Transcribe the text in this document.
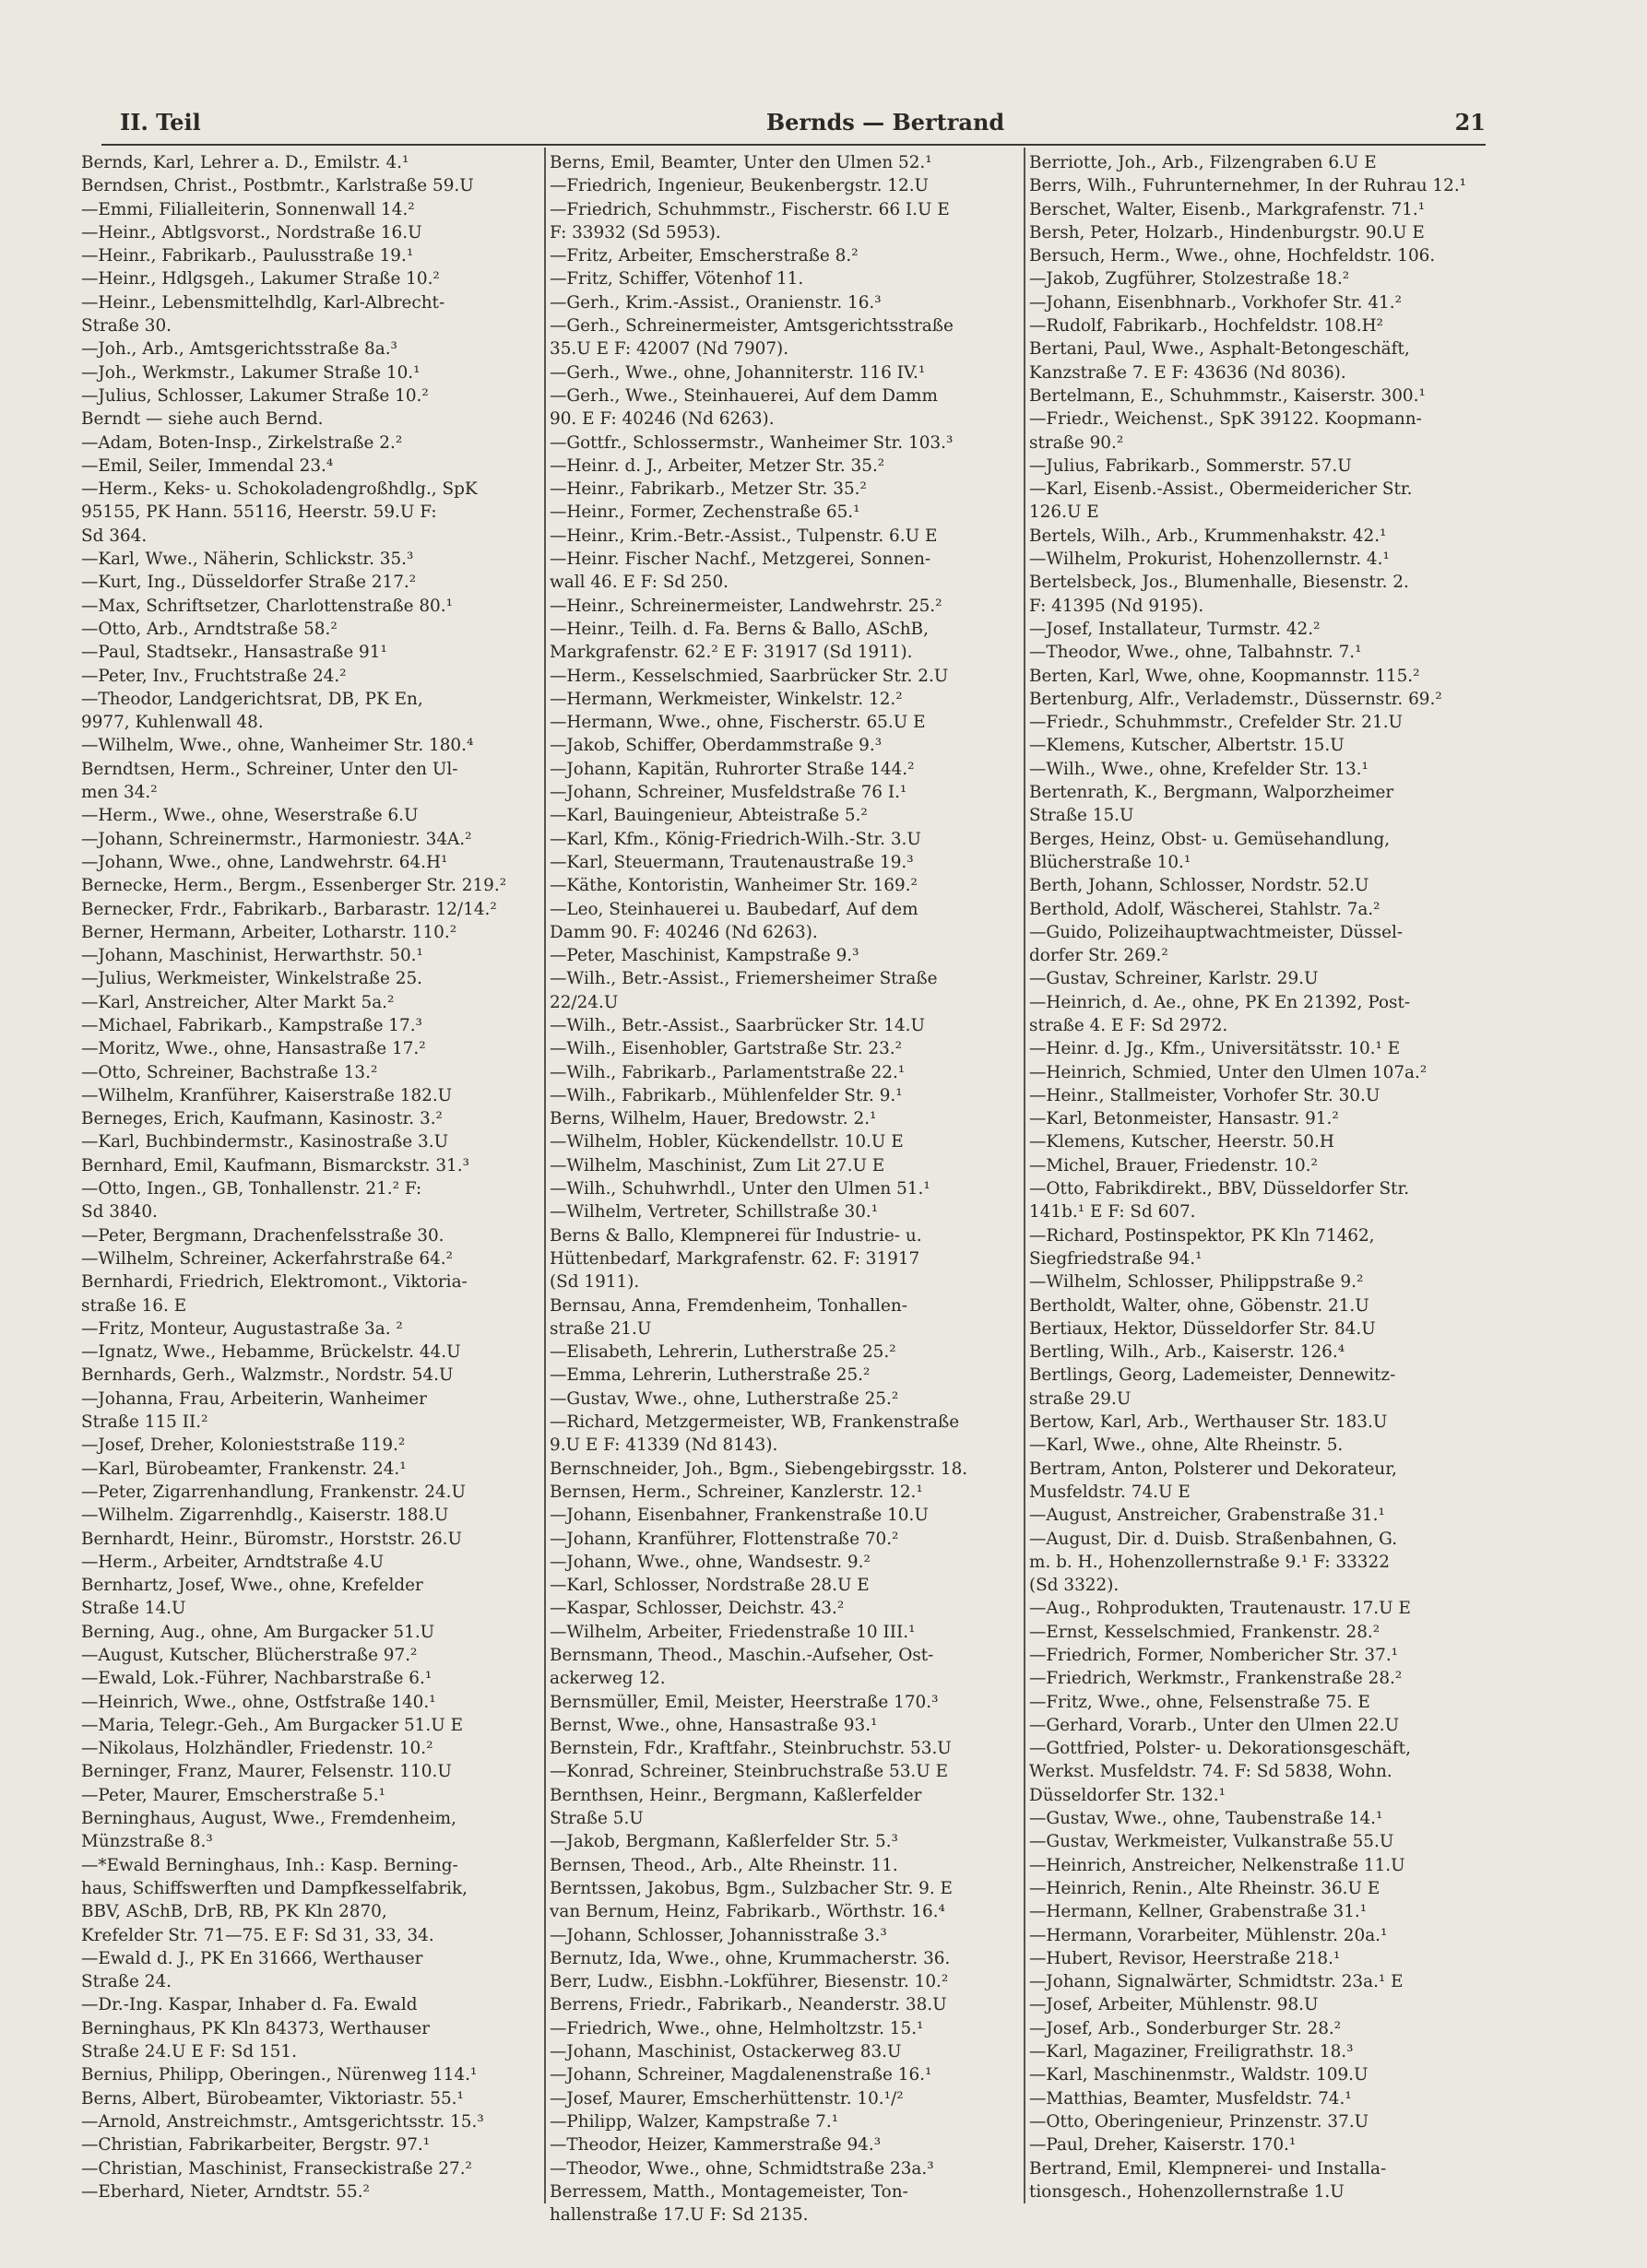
II. Teil	Bernds — Bertrand	21
Bernds, Karl, Lehrer a. D., Emilstr. 4.¹
Berndsen, Christ., Postbmtr., Karlstraße 59.U
—Emmi, Filialleiterin, Sonnenwall 14.²
—Heinr., Abtlgsvorst., Nordstraße 16.U
—Heinr., Fabrikarb., Paulusstraße 19.¹
—Heinr., Hdlgsgeh., Lakumer Straße 10.²
—Heinr., Lebensmittelhdlg, Karl-Albrecht-
Straße 30.
—Joh., Arb., Amtsgerichtsstraße 8a.³
—Joh., Werkmstr., Lakumer Straße 10.¹
—Julius, Schlosser, Lakumer Straße 10.²
Berndt — siehe auch Bernd.
—Adam, Boten-Insp., Zirkelstraße 2.²
—Emil, Seiler, Immendal 23.⁴
—Herm., Keks- u. Schokoladengroßhdlg., SpK
95155, PK Hann. 55116, Heerstr. 59.U F:
Sd 364.
—Karl, Wwe., Näherin, Schlickstr. 35.³
—Kurt, Ing., Düsseldorfer Straße 217.²
—Max, Schriftsetzer, Charlottenstraße 80.¹
—Otto, Arb., Arndtstraße 58.²
—Paul, Stadtsekr., Hansastraße 91¹
—Peter, Inv., Fruchtstraße 24.²
—Theodor, Landgerichtsrat, DB, PK En,
9977, Kuhlenwall 48.
—Wilhelm, Wwe., ohne, Wanheimer Str. 180.⁴
Berndtsen, Herm., Schreiner, Unter den Ul-
men 34.²
—Herm., Wwe., ohne, Weserstraße 6.U
—Johann, Schreinermstr., Harmoniestr. 34A.²
—Johann, Wwe., ohne, Landwehrstr. 64.H¹
Bernecke, Herm., Bergm., Essenberger Str. 219.²
Bernecker, Frdr., Fabrikarb., Barbarastr. 12/14.²
Berner, Hermann, Arbeiter, Lotharstr. 110.²
—Johann, Maschinist, Herwarthstr. 50.¹
—Julius, Werkmeister, Winkelstraße 25.
—Karl, Anstreicher, Alter Markt 5a.²
—Michael, Fabrikarb., Kampstraße 17.³
—Moritz, Wwe., ohne, Hansastraße 17.²
—Otto, Schreiner, Bachstraße 13.²
—Wilhelm, Kranführer, Kaiserstraße 182.U
Berneges, Erich, Kaufmann, Kasinostr. 3.²
—Karl, Buchbindermstr., Kasinostraße 3.U
Bernhard, Emil, Kaufmann, Bismarckstr. 31.³
—Otto, Ingen., GB, Tonhallenstr. 21.² F:
Sd 3840.
—Peter, Bergmann, Drachenfelsstraße 30.
—Wilhelm, Schreiner, Ackerfahrstraße 64.²
Bernhardi, Friedrich, Elektromont., Viktoria-
straße 16. E
—Fritz, Monteur, Augustastraße 3a. ²
—Ignatz, Wwe., Hebamme, Brückelstr. 44.U
Bernhards, Gerh., Walzmstr., Nordstr. 54.U
—Johanna, Frau, Arbeiterin, Wanheimer
Straße 115 II.²
—Josef, Dreher, Kolonieststraße 119.²
—Karl, Bürobeamter, Frankenstr. 24.¹
—Peter, Zigarrenhandlung, Frankenstr. 24.U
—Wilhelm. Zigarrenhdlg., Kaiserstr. 188.U
Bernhardt, Heinr., Büromstr., Horststr. 26.U
—Herm., Arbeiter, Arndtstraße 4.U
Bernhartz, Josef, Wwe., ohne, Krefelder
Straße 14.U
Berning, Aug., ohne, Am Burgacker 51.U
—August, Kutscher, Blücherstraße 97.²
—Ewald, Lok.-Führer, Nachbarstraße 6.¹
—Heinrich, Wwe., ohne, Ostfstraße 140.¹
—Maria, Telegr.-Geh., Am Burgacker 51.U E
—Nikolaus, Holzhändler, Friedenstr. 10.²
Berninger, Franz, Maurer, Felsenstr. 110.U
—Peter, Maurer, Emscherstraße 5.¹
Berninghaus, August, Wwe., Fremdenheim,
Münzstraße 8.³
—*Ewald Berninghaus, Inh.: Kasp. Berning-
haus, Schiffswerften und Dampfkesselfabrik,
BBV, ASchB, DrB, RB, PK Kln 2870,
Krefelder Str. 71—75. E F: Sd 31, 33, 34.
—Ewald d. J., PK En 31666, Werthauser
Straße 24.
—Dr.-Ing. Kaspar, Inhaber d. Fa. Ewald
Berninghaus, PK Kln 84373, Werthauser
Straße 24.U E F: Sd 151.
Bernius, Philipp, Oberingen., Nürenweg 114.¹
Berns, Albert, Bürobeamter, Viktoriastr. 55.¹
—Arnold, Anstreichmstr., Amtsgerichtsstr. 15.³
—Christian, Fabrikarbeiter, Bergstr. 97.¹
—Christian, Maschinist, Franseckistraße 27.²
—Eberhard, Nieter, Arndtstr. 55.²
Berns, Emil, Beamter, Unter den Ulmen 52.¹
—Friedrich, Ingenieur, Beukenbergstr. 12.U
—Friedrich, Schuhmmstr., Fischerstr. 66 I.U E
F: 33932 (Sd 5953).
—Fritz, Arbeiter, Emscherstraße 8.²
—Fritz, Schiffer, Vötenhof 11.
—Gerh., Krim.-Assist., Oranienstr. 16.³
—Gerh., Schreinermeister, Amtsgerichtsstraße
35.U E F: 42007 (Nd 7907).
—Gerh., Wwe., ohne, Johanniterstr. 116 IV.¹
—Gerh., Wwe., Steinhauerei, Auf dem Damm
90. E F: 40246 (Nd 6263).
—Gottfr., Schlossermstr., Wanheimer Str. 103.³
—Heinr. d. J., Arbeiter, Metzer Str. 35.²
—Heinr., Fabrikarb., Metzer Str. 35.²
—Heinr., Former, Zechenstraße 65.¹
—Heinr., Krim.-Betr.-Assist., Tulpenstr. 6.U E
—Heinr. Fischer Nachf., Metzgerei, Sonnen-
wall 46. E F: Sd 250.
—Heinr., Schreinermeister, Landwehrstr. 25.²
—Heinr., Teilh. d. Fa. Berns & Ballo, ASchB,
Markgrafenstr. 62.² E F: 31917 (Sd 1911).
—Herm., Kesselschmied, Saarbrücker Str. 2.U
—Hermann, Werkmeister, Winkelstr. 12.²
—Hermann, Wwe., ohne, Fischerstr. 65.U E
—Jakob, Schiffer, Oberdammstraße 9.³
—Johann, Kapitän, Ruhrorter Straße 144.²
—Johann, Schreiner, Musfeldstraße 76 I.¹
—Karl, Bauingenieur, Abteistraße 5.²
—Karl, Kfm., König-Friedrich-Wilh.-Str. 3.U
—Karl, Steuermann, Trautenaustraße 19.³
—Käthe, Kontoristin, Wanheimer Str. 169.²
—Leo, Steinhauerei u. Baubedarf, Auf dem
Damm 90. F: 40246 (Nd 6263).
—Peter, Maschinist, Kampstraße 9.³
—Wilh., Betr.-Assist., Friemersheimer Straße
22/24.U
—Wilh., Betr.-Assist., Saarbrücker Str. 14.U
—Wilh., Eisenhobler, Gartstraße Str. 23.²
—Wilh., Fabrikarb., Parlamentstraße 22.¹
—Wilh., Fabrikarb., Mühlenfelder Str. 9.¹
Berns, Wilhelm, Hauer, Bredowstr. 2.¹
—Wilhelm, Hobler, Kückendellstr. 10.U E
—Wilhelm, Maschinist, Zum Lit 27.U E
—Wilh., Schuhwrhdl., Unter den Ulmen 51.¹
—Wilhelm, Vertreter, Schillstraße 30.¹
Berns & Ballo, Klempnerei für Industrie- u.
Hüttenbedarf, Markgrafenstr. 62. F: 31917
(Sd 1911).
Bernsau, Anna, Fremdenheim, Tonhallen-
straße 21.U
—Elisabeth, Lehrerin, Lutherstraße 25.²
—Emma, Lehrerin, Lutherstraße 25.²
—Gustav, Wwe., ohne, Lutherstraße 25.²
—Richard, Metzgermeister, WB, Frankenstraße
9.U E F: 41339 (Nd 8143).
Bernschneider, Joh., Bgm., Siebengebirgsstr. 18.
Bernsen, Herm., Schreiner, Kanzlerstr. 12.¹
—Johann, Eisenbahner, Frankenstraße 10.U
—Johann, Kranführer, Flottenstraße 70.²
—Johann, Wwe., ohne, Wandsestr. 9.²
—Karl, Schlosser, Nordstraße 28.U E
—Kaspar, Schlosser, Deichstr. 43.²
—Wilhelm, Arbeiter, Friedenstraße 10 III.¹
Bernsmann, Theod., Maschin.-Aufseher, Ost-
ackerweg 12.
Bernsmüller, Emil, Meister, Heerstraße 170.³
Bernst, Wwe., ohne, Hansastraße 93.¹
Bernstein, Fdr., Kraftfahr., Steinbruchstr. 53.U
—Konrad, Schreiner, Steinbruchstraße 53.U E
Bernthsen, Heinr., Bergmann, Kaßlerfelder
Straße 5.U
—Jakob, Bergmann, Kaßlerfelder Str. 5.³
Bernsen, Theod., Arb., Alte Rheinstr. 11.
Berntssen, Jakobus, Bgm., Sulzbacher Str. 9. E
van Bernum, Heinz, Fabrikarb., Wörthstr. 16.⁴
—Johann, Schlosser, Johannisstraße 3.³
Bernutz, Ida, Wwe., ohne, Krummacherstr. 36.
Berr, Ludw., Eisbhn.-Lokführer, Biesenstr. 10.²
Berrens, Friedr., Fabrikarb., Neanderstr. 38.U
—Friedrich, Wwe., ohne, Helmholtzstr. 15.¹
—Johann, Maschinist, Ostackerweg 83.U
—Johann, Schreiner, Magdalenenstraße 16.¹
—Josef, Maurer, Emscherhüttenstr. 10.¹/²
—Philipp, Walzer, Kampstraße 7.¹
—Theodor, Heizer, Kammerstraße 94.³
—Theodor, Wwe., ohne, Schmidtstraße 23a.³
Berressem, Matth., Montagemeister, Ton-
hallenstraße 17.U F: Sd 2135.
Berriotte, Joh., Arb., Filzengraben 6.U E
Berrs, Wilh., Fuhrunternehmer, In der Ruhrau 12.¹
Berschet, Walter, Eisenb., Markgrafenstr. 71.¹
Bersh, Peter, Holzarb., Hindenburgstr. 90.U E
Bersuch, Herm., Wwe., ohne, Hochfeldstr. 106.
—Jakob, Zugführer, Stolzestraße 18.²
—Johann, Eisenbhnarb., Vorkhofer Str. 41.²
—Rudolf, Fabrikarb., Hochfeldstr. 108.H²
Bertani, Paul, Wwe., Asphalt-Betongeschäft,
Kanzstraße 7. E F: 43636 (Nd 8036).
Bertelmann, E., Schuhmmstr., Kaiserstr. 300.¹
—Friedr., Weichenst., SpK 39122. Koopmann-
straße 90.²
—Julius, Fabrikarb., Sommerstr. 57.U
—Karl, Eisenb.-Assist., Obermeidericher Str.
126.U E
Bertels, Wilh., Arb., Krummenhakstr. 42.¹
—Wilhelm, Prokurist, Hohenzollernstr. 4.¹
Bertelsbeck, Jos., Blumenhalle, Biesenstr. 2.
F: 41395 (Nd 9195).
—Josef, Installateur, Turmstr. 42.²
—Theodor, Wwe., ohne, Talbahnstr. 7.¹
Berten, Karl, Wwe, ohne, Koopmannstr. 115.²
Bertenburg, Alfr., Verlademstr., Düssernstr. 69.²
—Friedr., Schuhmmstr., Crefelder Str. 21.U
—Klemens, Kutscher, Albertstr. 15.U
—Wilh., Wwe., ohne, Krefelder Str. 13.¹
Bertenrath, K., Bergmann, Walporzheimer
Straße 15.U
Berges, Heinz, Obst- u. Gemüsehandlung,
Blücherstraße 10.¹
Berth, Johann, Schlosser, Nordstr. 52.U
Berthold, Adolf, Wäscherei, Stahlstr. 7a.²
—Guido, Polizeihauptwachtmeister, Düssel-
dorfer Str. 269.²
—Gustav, Schreiner, Karlstr. 29.U
—Heinrich, d. Ae., ohne, PK En 21392, Post-
straße 4. E F: Sd 2972.
—Heinr. d. Jg., Kfm., Universitätsstr. 10.¹ E
—Heinrich, Schmied, Unter den Ulmen 107a.²
—Heinr., Stallmeister, Vorhofer Str. 30.U
—Karl, Betonmeister, Hansastr. 91.²
—Klemens, Kutscher, Heerstr. 50.H
—Michel, Brauer, Friedenstr. 10.²
—Otto, Fabrikdirekt., BBV, Düsseldorfer Str.
141b.¹ E F: Sd 607.
—Richard, Postinspektor, PK Kln 71462,
Siegfriedstraße 94.¹
—Wilhelm, Schlosser, Philippstraße 9.²
Bertholdt, Walter, ohne, Göbenstr. 21.U
Bertiaux, Hektor, Düsseldorfer Str. 84.U
Bertling, Wilh., Arb., Kaiserstr. 126.⁴
Bertlings, Georg, Lademeister, Dennewitz-
straße 29.U
Bertow, Karl, Arb., Werthauser Str. 183.U
—Karl, Wwe., ohne, Alte Rheinstr. 5.
Bertram, Anton, Polsterer und Dekorateur,
Musfeldstr. 74.U E
—August, Anstreicher, Grabenstraße 31.¹
—August, Dir. d. Duisb. Straßenbahnen, G.
m. b. H., Hohenzollernstraße 9.¹ F: 33322
(Sd 3322).
—Aug., Rohprodukten, Trautenaustr. 17.U E
—Ernst, Kesselschmied, Frankenstr. 28.²
—Friedrich, Former, Nombericher Str. 37.¹
—Friedrich, Werkmstr., Frankenstraße 28.²
—Fritz, Wwe., ohne, Felsenstraße 75. E
—Gerhard, Vorarb., Unter den Ulmen 22.U
—Gottfried, Polster- u. Dekorationsgeschäft,
Werkst. Musfeldstr. 74. F: Sd 5838, Wohn.
Düsseldorfer Str. 132.¹
—Gustav, Wwe., ohne, Taubenstraße 14.¹
—Gustav, Werkmeister, Vulkanstraße 55.U
—Heinrich, Anstreicher, Nelkenstraße 11.U
—Heinrich, Renin., Alte Rheinstr. 36.U E
—Hermann, Kellner, Grabenstraße 31.¹
—Hermann, Vorarbeiter, Mühlenstr. 20a.¹
—Hubert, Revisor, Heerstraße 218.¹
—Johann, Signalwärter, Schmidtstr. 23a.¹ E
—Josef, Arbeiter, Mühlenstr. 98.U
—Josef, Arb., Sonderburger Str. 28.²
—Karl, Magaziner, Freiligrathstr. 18.³
—Karl, Maschinenmstr., Waldstr. 109.U
—Matthias, Beamter, Musfeldstr. 74.¹
—Otto, Oberingenieur, Prinzenstr. 37.U
—Paul, Dreher, Kaiserstr. 170.¹
Bertrand, Emil, Klempnerei- und Installa-
tionsgesch., Hohenzollernstraße 1.U
